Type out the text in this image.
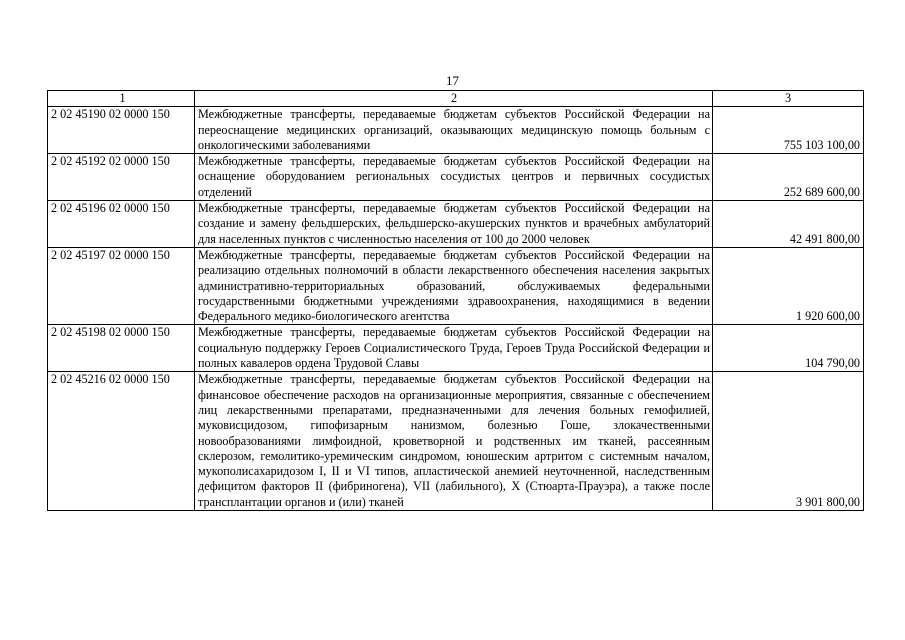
17
1	2	3
2 02 45190 02 0000 150	Межбюджетные трансферты, передаваемые бюджетам субъектов Российской Федерации на переоснащение медицинских организаций, оказывающих медицинскую помощь больным с онкологическими заболеваниями	755 103 100,00
2 02 45192 02 0000 150	Межбюджетные трансферты, передаваемые бюджетам субъектов Российской Федерации на оснащение оборудованием региональных сосудистых центров и первичных сосудистых отделений	252 689 600,00
2 02 45196 02 0000 150	Межбюджетные трансферты, передаваемые бюджетам субъектов Российской Федерации на создание и замену фельдшерских, фельдшерско-акушерских пунктов и врачебных амбулаторий для населенных пунктов с численностью населения от 100 до 2000 человек	42 491 800,00
2 02 45197 02 0000 150	Межбюджетные трансферты, передаваемые бюджетам субъектов Российской Федерации на реализацию отдельных полномочий в области лекарственного обеспечения населения закрытых административно-территориальных образований, обслуживаемых федеральными государственными бюджетными учреждениями здравоохранения, находящимися в ведении Федерального медико-биологического агентства	1 920 600,00
2 02 45198 02 0000 150	Межбюджетные трансферты, передаваемые бюджетам субъектов Российской Федерации на социальную поддержку Героев Социалистического Труда, Героев Труда Российской Федерации и полных кавалеров ордена Трудовой Славы	104 790,00
2 02 45216 02 0000 150	Межбюджетные трансферты, передаваемые бюджетам субъектов Российской Федерации на финансовое обеспечение расходов на организационные мероприятия, связанные с обеспечением лиц лекарственными препаратами, предназначенными для лечения больных гемофилией, муковисцидозом, гипофизарным нанизмом, болезнью Гоше, злокачественными новообразованиями лимфоидной, кроветворной и родственных им тканей, рассеянным склерозом, гемолитико-уремическим синдромом, юношеским артритом с системным началом, мукополисахаридозом I, II и VI типов, апластической анемией неуточненной, наследственным дефицитом факторов II (фибриногена), VII (лабильного), X (Стюарта-Прауэра), а также после трансплантации органов и (или) тканей	3 901 800,00
